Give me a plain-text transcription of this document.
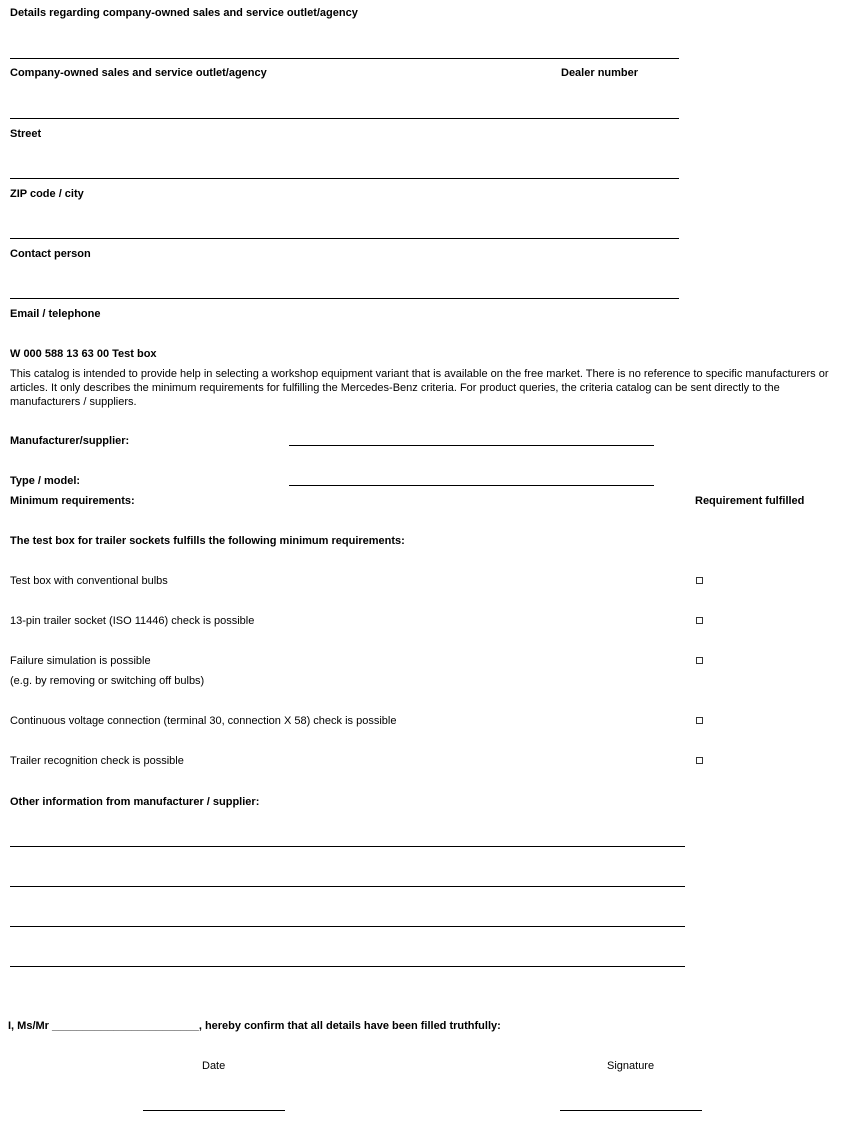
Details regarding company-owned sales and service outlet/agency
Company-owned sales and service outlet/agency	Dealer number
Street
ZIP code / city
Contact person
Email / telephone
W 000 588 13 63 00 Test box
This catalog is intended to provide help in selecting a workshop equipment variant that is available on the free market. There is no reference to specific manufacturers or articles. It only describes the minimum requirements for fulfilling the Mercedes-Benz criteria. For product queries, the criteria catalog can be sent directly to the manufacturers / suppliers.
Manufacturer/supplier:
Type / model:
Minimum requirements:	Requirement fulfilled
The test box for trailer sockets fulfills the following minimum requirements:
Test box with conventional bulbs
13-pin trailer socket (ISO 11446) check is possible
Failure simulation is possible
(e.g. by removing or switching off bulbs)
Continuous voltage connection (terminal 30, connection X 58) check is possible
Trailer recognition check is possible
Other information from manufacturer / supplier:
I, Ms/Mr ________________________, hereby confirm that all details have been filled truthfully:
Date	Signature
